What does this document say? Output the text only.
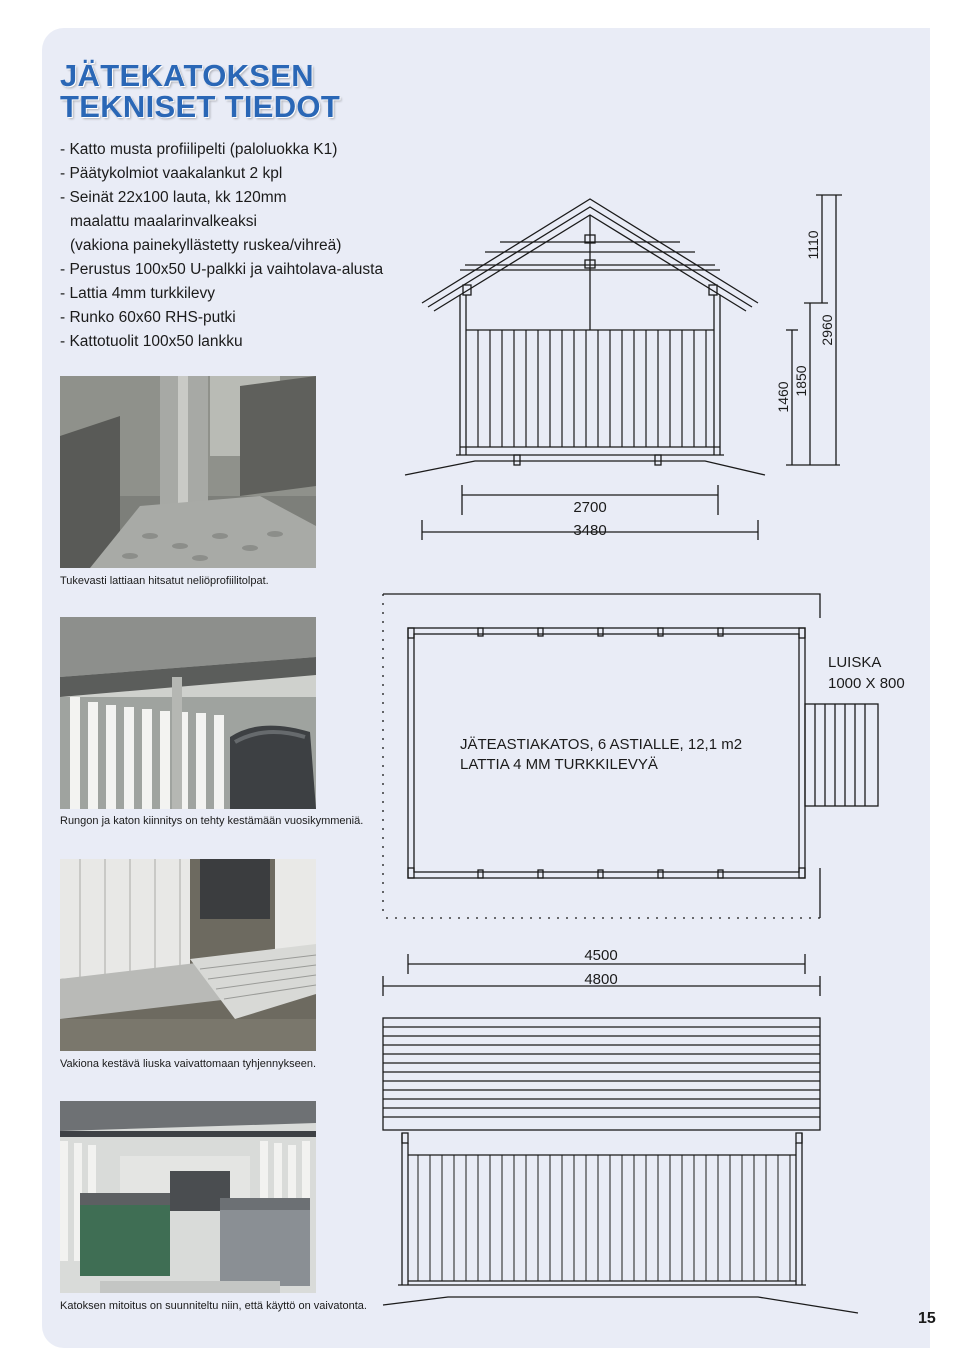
JÄTEKATOKSEN
TEKNISET TIEDOT
- Katto musta profiilipelti (paloluokka K1)
- Päätykolmiot vaakalankut 2 kpl
- Seinät 22x100 lauta, kk 120mm
maalattu maalarinvalkeaksi
(vakiona painekyllästetty ruskea/vihreä)
- Perustus 100x50 U-palkki ja vaihtolava-alusta
- Lattia 4mm turkkilevy
- Runko 60x60 RHS-putki
- Kattotuolit 100x50 lankku
Tukevasti lattiaan hitsatut neliöprofiilitolpat.
Rungon ja katon kiinnitys on tehty kestämään vuosikymmeniä.
Vakiona kestävä liuska vaivattomaan tyhjennykseen.
Katoksen mitoitus on suunniteltu niin, että käyttö on vaivatonta.
2700
3480
1460
1850
1110
2960
LUISKA
1000 X 800
JÄTEASTIAKATOS, 6 ASTIALLE, 12,1 m2
LATTIA 4 MM TURKKILEVYÄ
4500
4800
15
